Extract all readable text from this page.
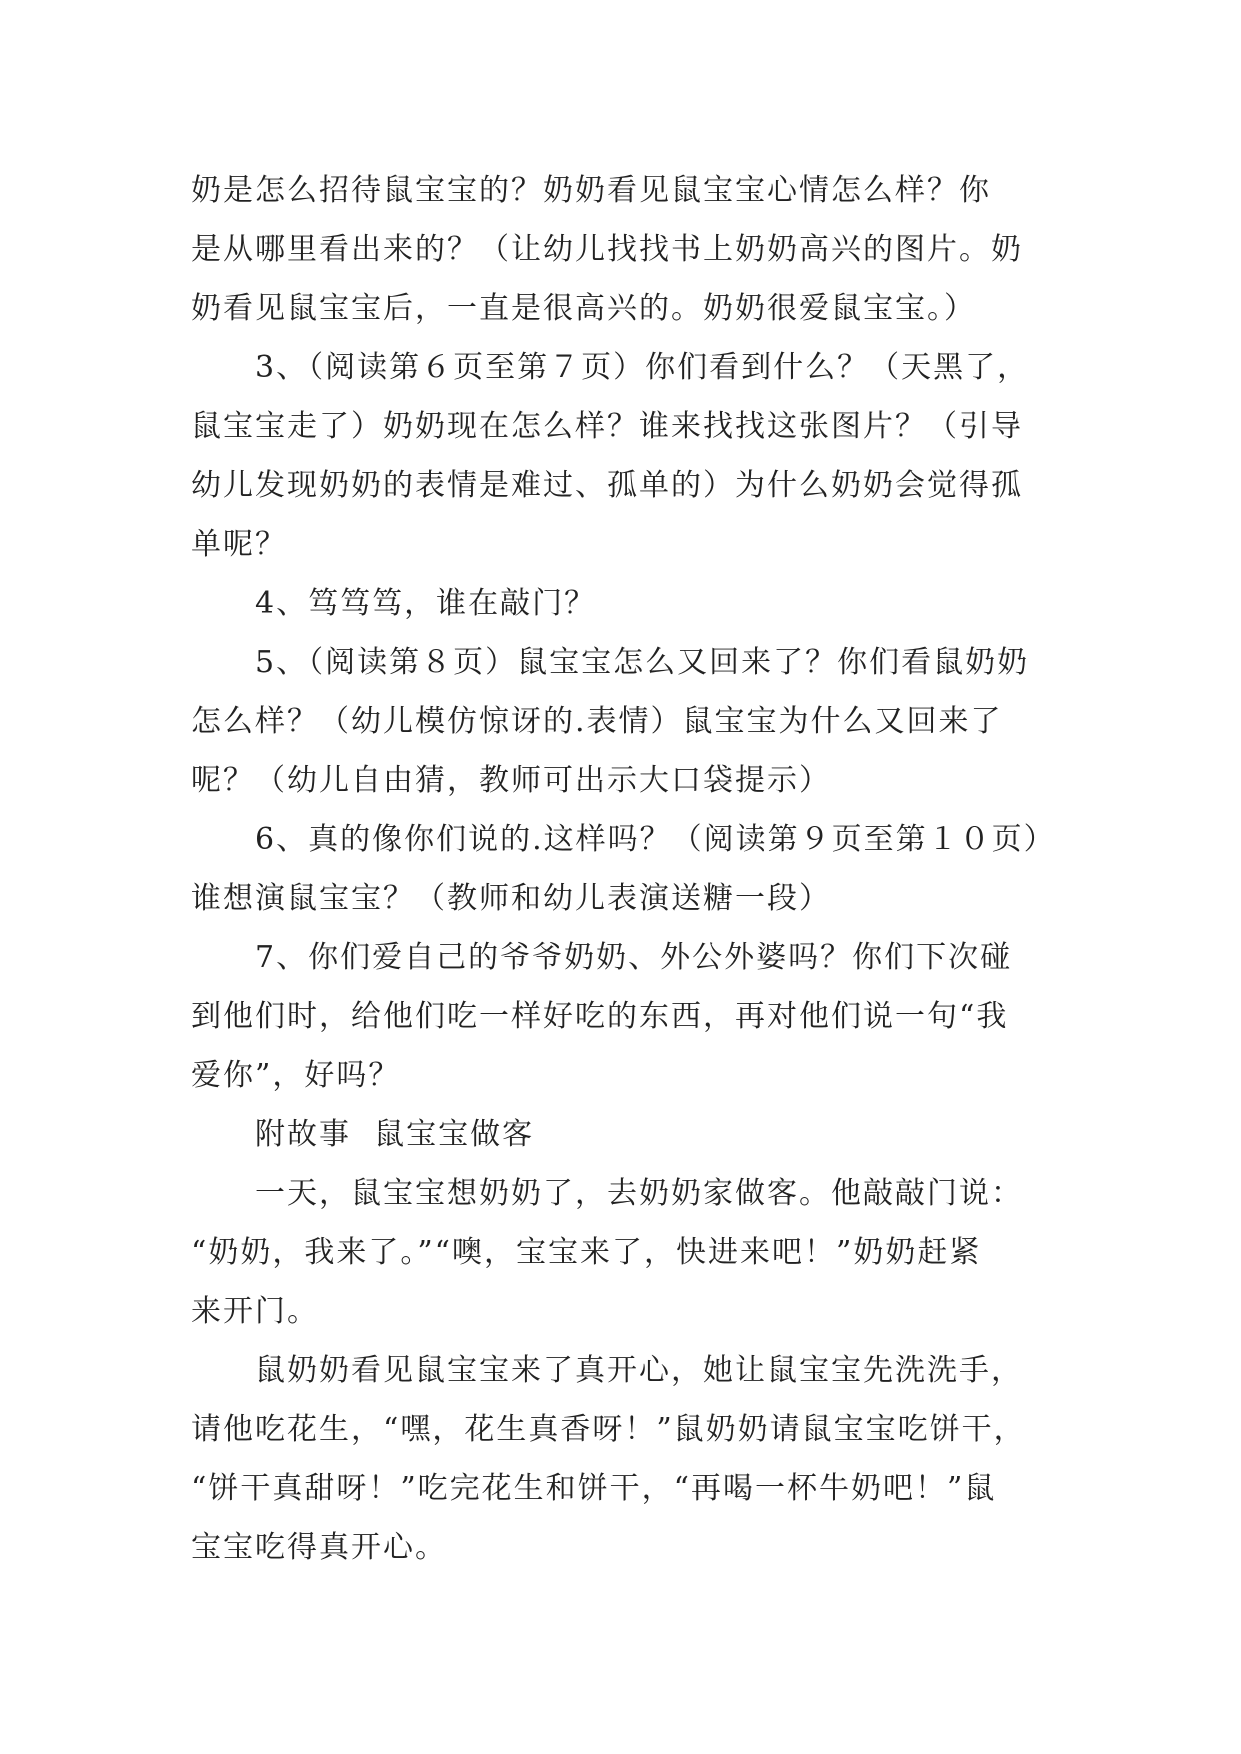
奶是怎么招待鼠宝宝的？奶奶看见鼠宝宝心情怎么样？你
是从哪里看出来的？（让幼儿找找书上奶奶高兴的图片。奶
奶看见鼠宝宝后，一直是很高兴的。奶奶很爱鼠宝宝。）
　　3、（阅读第６页至第７页）你们看到什么？（天黑了，
鼠宝宝走了）奶奶现在怎么样？谁来找找这张图片？（引导
幼儿发现奶奶的表情是难过、孤单的）为什么奶奶会觉得孤
单呢？
　　4、笃笃笃，谁在敲门？
　　5、（阅读第８页）鼠宝宝怎么又回来了？你们看鼠奶奶
怎么样？（幼儿模仿惊讶的.表情）鼠宝宝为什么又回来了
呢？（幼儿自由猜，教师可出示大口袋提示）
　　6、真的像你们说的.这样吗？（阅读第９页至第１０页）
谁想演鼠宝宝？（教师和幼儿表演送糖一段）
　　7、你们爱自己的爷爷奶奶、外公外婆吗？你们下次碰
到他们时，给他们吃一样好吃的东西，再对他们说一句“我
爱你”，好吗？
　　附故事  鼠宝宝做客
　　一天，鼠宝宝想奶奶了，去奶奶家做客。他敲敲门说：
“奶奶，我来了。”“噢，宝宝来了，快进来吧！”奶奶赶紧
来开门。
　　鼠奶奶看见鼠宝宝来了真开心，她让鼠宝宝先洗洗手，
请他吃花生，“嘿，花生真香呀！”鼠奶奶请鼠宝宝吃饼干，
“饼干真甜呀！”吃完花生和饼干，“再喝一杯牛奶吧！”鼠
宝宝吃得真开心。
